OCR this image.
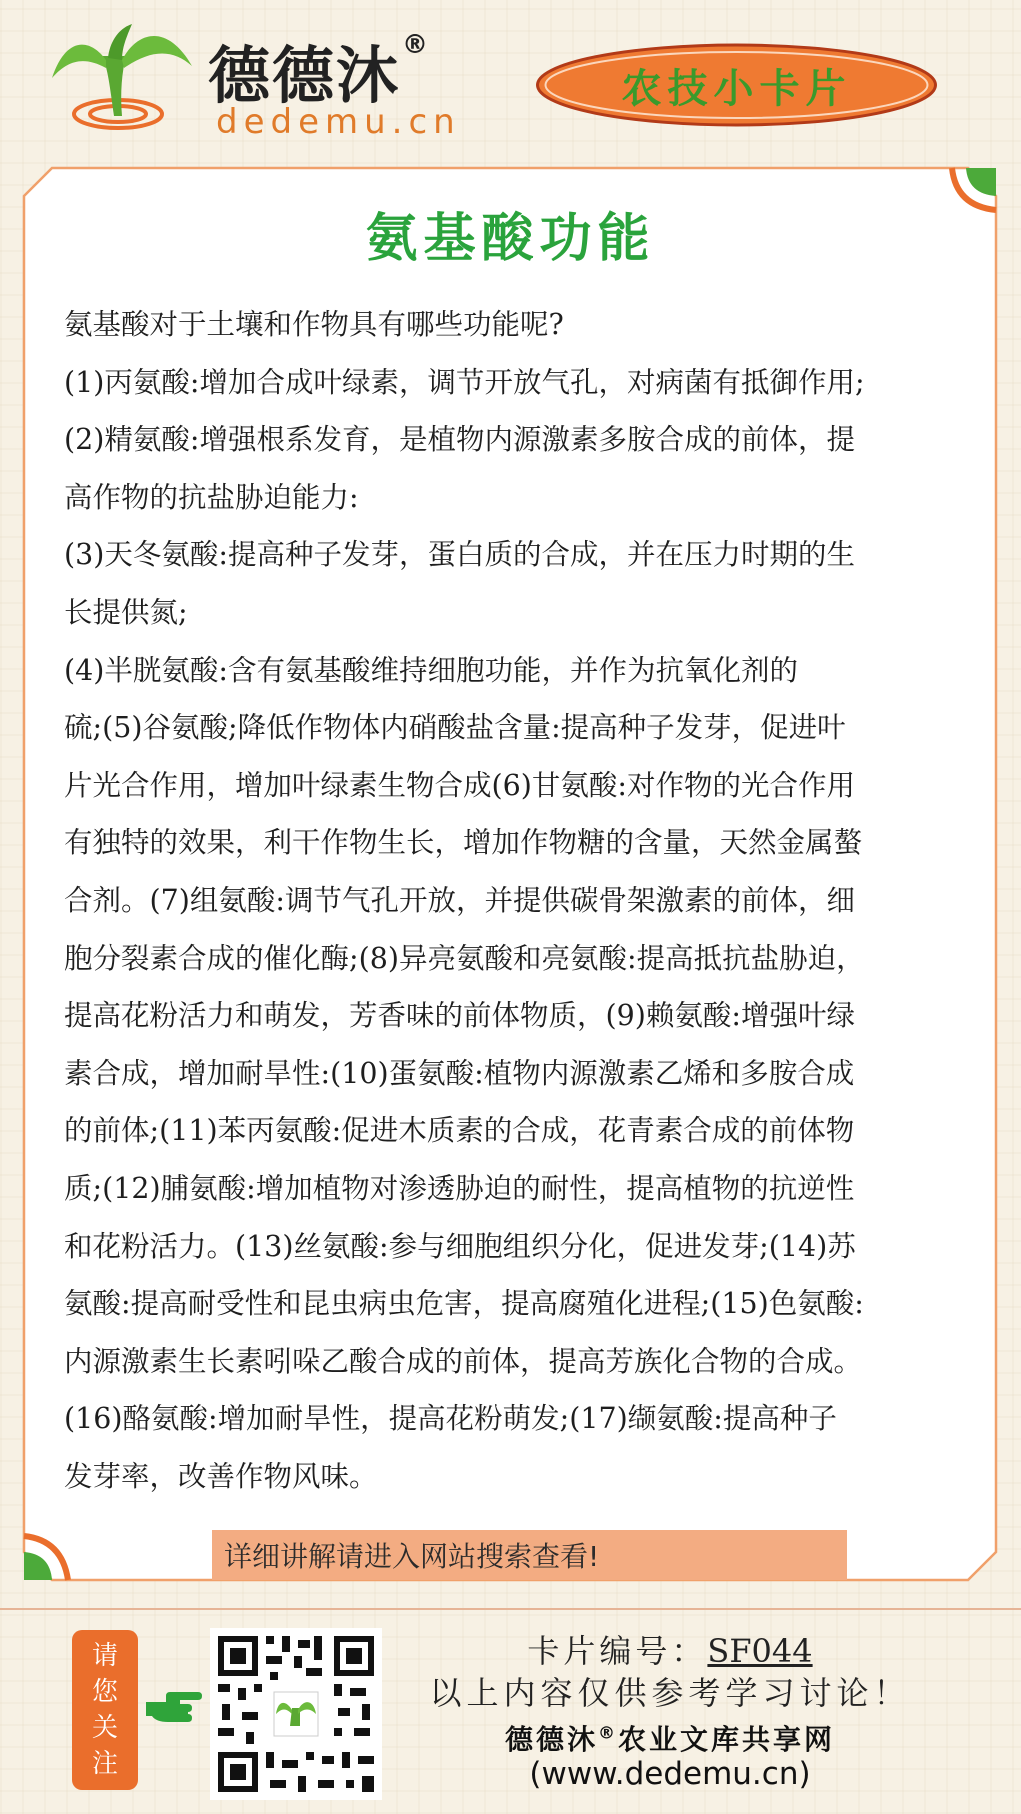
德德沐®
dedemu.cn
农技小卡片
氨基酸功能
氨基酸对于土壤和作物具有哪些功能呢?
(1)丙氨酸:增加合成叶绿素，调节开放气孔，对病菌有抵御作用;
(2)精氨酸:增强根系发育，是植物内源激素多胺合成的前体，提
高作物的抗盐胁迫能力:
(3)天冬氨酸:提高种子发芽，蛋白质的合成，并在压力时期的生
长提供氮;
(4)半胱氨酸:含有氨基酸维持细胞功能，并作为抗氧化剂的
硫;(5)谷氨酸;降低作物体内硝酸盐含量:提高种子发芽，促进叶
片光合作用，增加叶绿素生物合成(6)甘氨酸:对作物的光合作用
有独特的效果，利干作物生长，增加作物糖的含量，天然金属螯
合剂。(7)组氨酸:调节气孔开放，并提供碳骨架激素的前体，细
胞分裂素合成的催化酶;(8)异亮氨酸和亮氨酸:提高抵抗盐胁迫，
提高花粉活力和萌发，芳香味的前体物质，(9)赖氨酸:增强叶绿
素合成，增加耐旱性:(10)蛋氨酸:植物内源激素乙烯和多胺合成
的前体;(11)苯丙氨酸:促进木质素的合成，花青素合成的前体物
质;(12)脯氨酸:增加植物对渗透胁迫的耐性，提高植物的抗逆性
和花粉活力。(13)丝氨酸:参与细胞组织分化，促进发芽;(14)苏
氨酸:提高耐受性和昆虫病虫危害，提高腐殖化进程;(15)色氨酸:
内源激素生长素吲哚乙酸合成的前体，提高芳族化合物的合成。
(16)酪氨酸:增加耐旱性，提高花粉萌发;(17)缬氨酸:提高种子
发芽率，改善作物风味。
详细讲解请进入网站搜索查看!
请
您
关
注
卡片编号：SF044
以上内容仅供参考学习讨论！
德德沐®农业文库共享网
(www.dedemu.cn)
